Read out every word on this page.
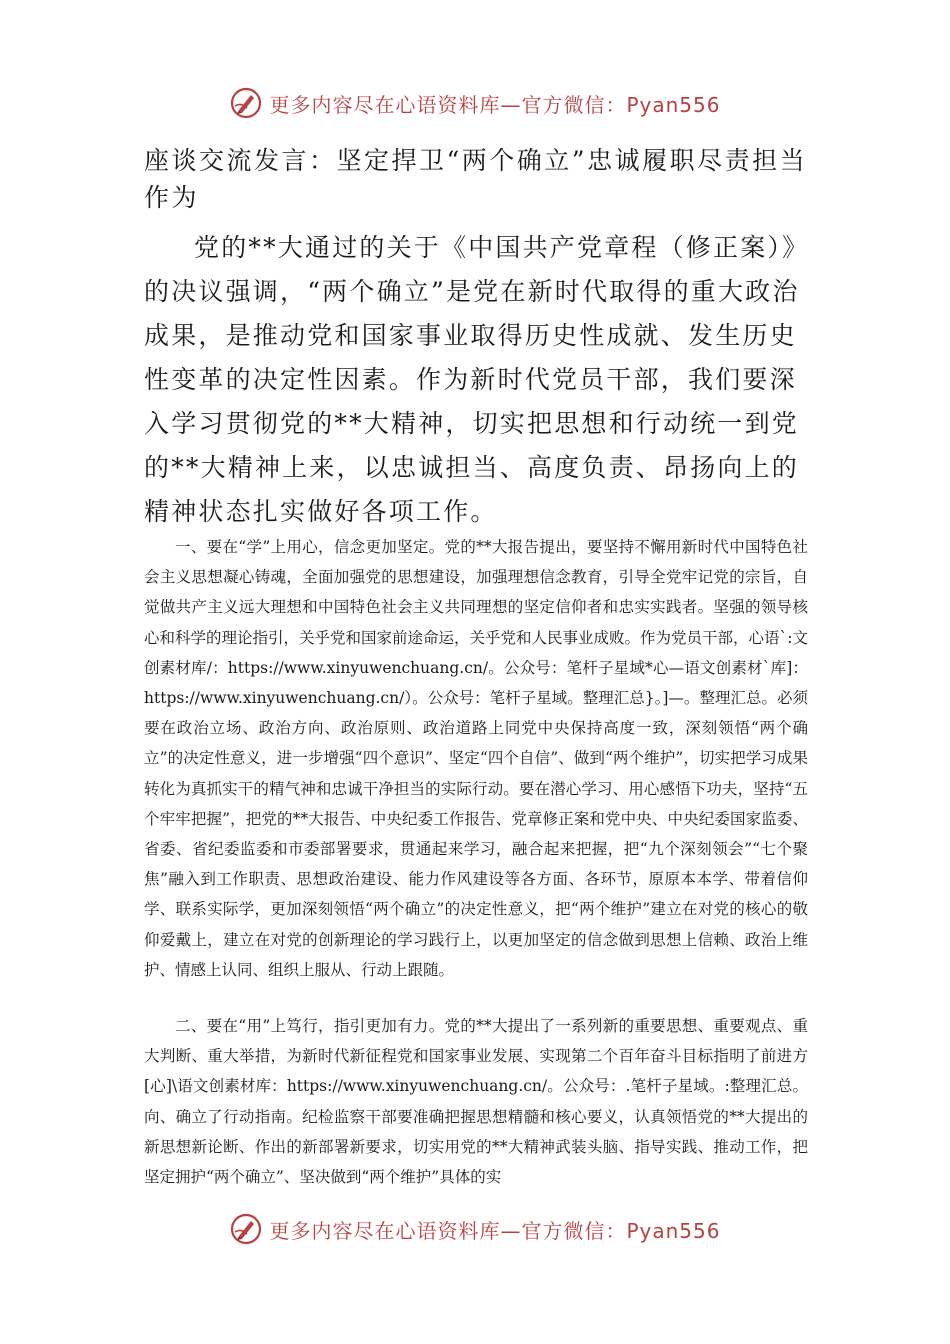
更多内容尽在心语资料库—官方微信：Pyan556
座谈交流发言：坚定捍卫“两个确立”忠诚履职尽责担当作为

党的**大通过的关于《中国共产党章程（修正案）》的决议强调，“两个确立”是党在新时代取得的重大政治成果，是推动党和国家事业取得历史性成就、发生历史性变革的决定性因素。作为新时代党员干部，我们要深入学习贯彻党的**大精神，切实把思想和行动统一到党的**大精神上来，以忠诚担当、高度负责、昂扬向上的精神状态扎实做好各项工作。

一、要在“学”上用心，信念更加坚定。党的**大报告提出，要坚持不懈用新时代中国特色社会主义思想凝心铸魂，全面加强党的思想建设，加强理想信念教育，引导全党牢记党的宗旨，自觉做共产主义远大理想和中国特色社会主义共同理想的坚定信仰者和忠实实践者。坚强的领导核心和科学的理论指引，关乎党和国家前途命运，关乎党和人民事业成败。作为党员干部，心语`:文创素材库/：https://www.xinyuwenchuang.cn/。公众号：笔杆子星域*心—语文创素材`库]：https://www.xinyuwenchuang.cn/）。公众号：笔杆子星域。整理汇总}。]—。整理汇总。必须要在政治立场、政治方向、政治原则、政治道路上同党中央保持高度一致，深刻领悟“两个确立”的决定性意义，进一步增强“四个意识”、坚定“四个自信”、做到“两个维护”，切实把学习成果转化为真抓实干的精气神和忠诚干净担当的实际行动。要在潜心学习、用心感悟下功夫，坚持“五个牢牢把握”，把党的**大报告、中央纪委工作报告、党章修正案和党中央、中央纪委国家监委、省委、省纪委监委和市委部署要求，贯通起来学习，融合起来把握，把“九个深刻领会”“七个聚焦”融入到工作职责、思想政治建设、能力作风建设等各方面、各环节，原原本本学、带着信仰学、联系实际学，更加深刻领悟“两个确立”的决定性意义，把“两个维护”建立在对党的核心的敬仰爱戴上，建立在对党的创新理论的学习践行上，以更加坚定的信念做到思想上信赖、政治上维护、情感上认同、组织上服从、行动上跟随。

二、要在“用”上笃行，指引更加有力。党的**大提出了一系列新的重要思想、重要观点、重大判断、重大举措，为新时代新征程党和国家事业发展、实现第二个百年奋斗目标指明了前进方[心]\语文创素材库：https://www.xinyuwenchuang.cn/。公众号：.笔杆子星域。:整理汇总。向、确立了行动指南。纪检监察干部要准确把握思想精髓和核心要义，认真领悟党的**大提出的新思想新论断、作出的新部署新要求，切实用党的**大精神武装头脑、指导实践、推动工作，把坚定拥护“两个确立”、坚决做到“两个维护”具体的实

更多内容尽在心语资料库—官方微信：Pyan556
